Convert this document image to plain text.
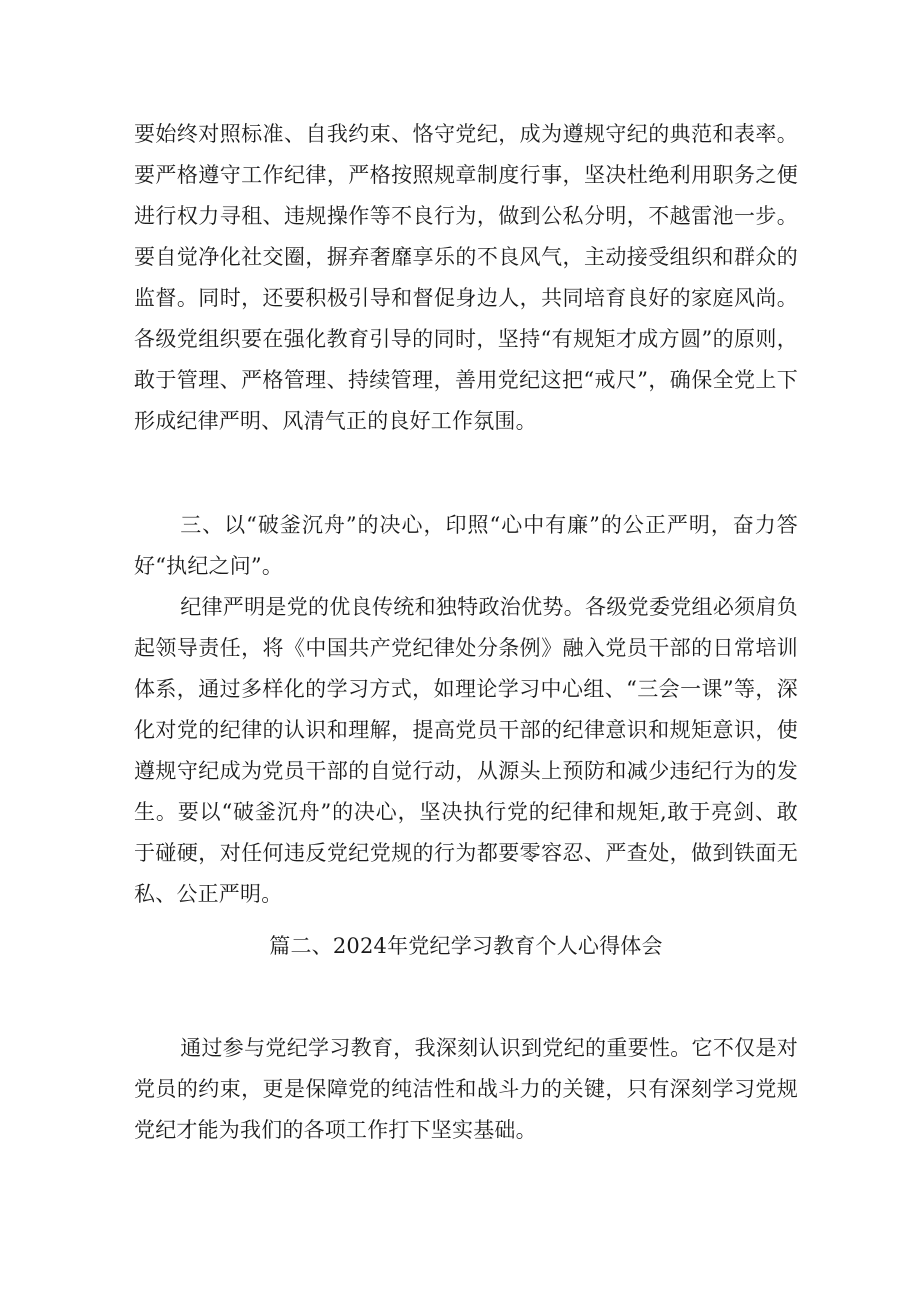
要始终对照标准、自我约束、恪守党纪，成为遵规守纪的典范和表率。要严格遵守工作纪律，严格按照规章制度行事，坚决杜绝利用职务之便进行权力寻租、违规操作等不良行为，做到公私分明，不越雷池一步。要自觉净化社交圈，摒弃奢靡享乐的不良风气，主动接受组织和群众的监督。同时，还要积极引导和督促身边人，共同培育良好的家庭风尚。各级党组织要在强化教育引导的同时，坚持“有规矩才成方圆”的原则，敢于管理、严格管理、持续管理，善用党纪这把“戒尺”，确保全党上下形成纪律严明、风清气正的良好工作氛围。

三、以“破釜沉舟”的决心，印照“心中有廉”的公正严明，奋力答好“执纪之问”。

纪律严明是党的优良传统和独特政治优势。各级党委党组必须肩负起领导责任，将《中国共产党纪律处分条例》融入党员干部的日常培训体系，通过多样化的学习方式，如理论学习中心组、“三会一课”等，深化对党的纪律的认识和理解，提高党员干部的纪律意识和规矩意识，使遵规守纪成为党员干部的自觉行动，从源头上预防和减少违纪行为的发生。要以“破釜沉舟”的决心，坚决执行党的纪律和规矩,敢于亮剑、敢于碰硬，对任何违反党纪党规的行为都要零容忍、严查处，做到铁面无私、公正严明。

篇二、2024年党纪学习教育个人心得体会

通过参与党纪学习教育，我深刻认识到党纪的重要性。它不仅是对党员的约束，更是保障党的纯洁性和战斗力的关键，只有深刻学习党规党纪才能为我们的各项工作打下坚实基础。
